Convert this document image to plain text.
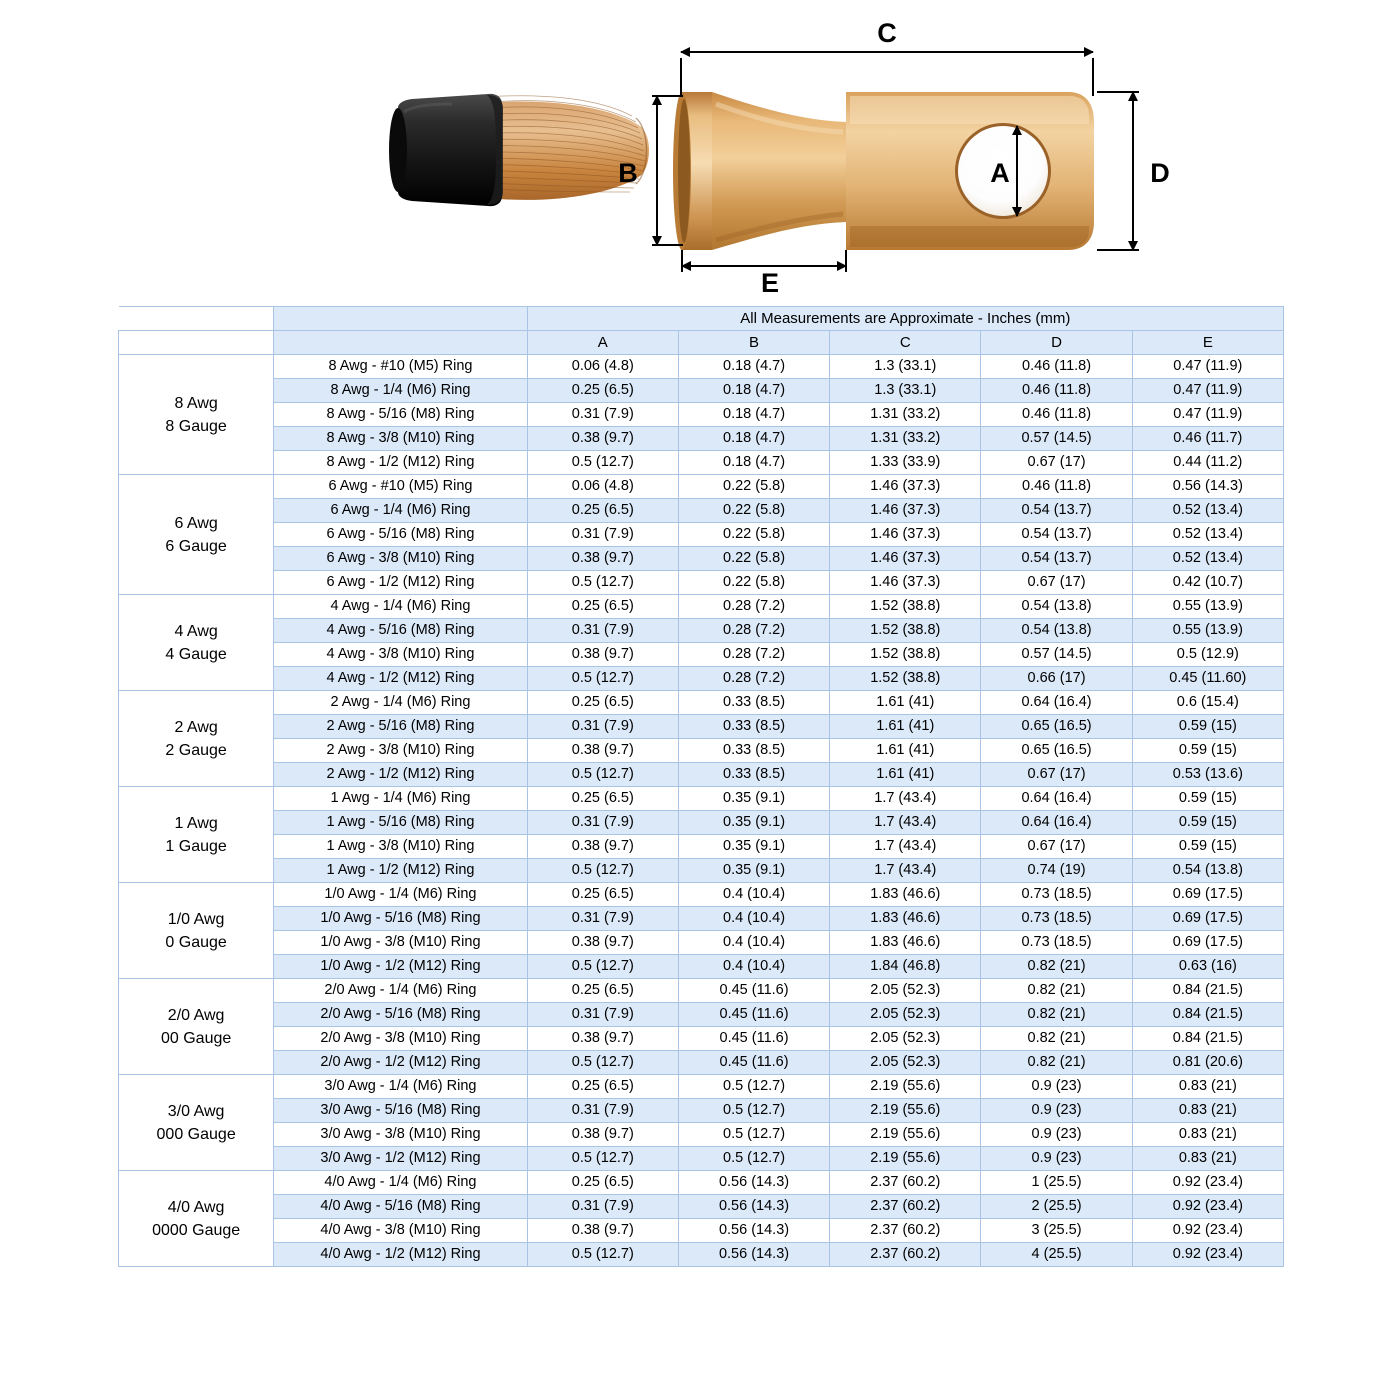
C
B	D
A
E
		All Measurements are Approximate - Inches (mm)				
		A	B	C	D	E
8 Awg
8 Gauge	8 Awg - #10 (M5) Ring	0.06 (4.8)	0.18 (4.7)	1.3 (33.1)	0.46 (11.8)	0.47 (11.9)
	8 Awg - 1/4 (M6) Ring	0.25 (6.5)	0.18 (4.7)	1.3 (33.1)	0.46 (11.8)	0.47 (11.9)
	8 Awg - 5/16 (M8) Ring	0.31 (7.9)	0.18 (4.7)	1.31 (33.2)	0.46 (11.8)	0.47 (11.9)
	8 Awg - 3/8 (M10) Ring	0.38 (9.7)	0.18 (4.7)	1.31 (33.2)	0.57 (14.5)	0.46 (11.7)
	8 Awg - 1/2 (M12) Ring	0.5 (12.7)	0.18 (4.7)	1.33 (33.9)	0.67 (17)	0.44 (11.2)
6 Awg
6 Gauge	6 Awg - #10 (M5) Ring	0.06 (4.8)	0.22 (5.8)	1.46 (37.3)	0.46 (11.8)	0.56 (14.3)
	6 Awg - 1/4 (M6) Ring	0.25 (6.5)	0.22 (5.8)	1.46 (37.3)	0.54 (13.7)	0.52 (13.4)
	6 Awg - 5/16 (M8) Ring	0.31 (7.9)	0.22 (5.8)	1.46 (37.3)	0.54 (13.7)	0.52 (13.4)
	6 Awg - 3/8 (M10) Ring	0.38 (9.7)	0.22 (5.8)	1.46 (37.3)	0.54 (13.7)	0.52 (13.4)
	6 Awg - 1/2 (M12) Ring	0.5 (12.7)	0.22 (5.8)	1.46 (37.3)	0.67 (17)	0.42 (10.7)
4 Awg
4 Gauge	4 Awg - 1/4 (M6) Ring	0.25 (6.5)	0.28 (7.2)	1.52 (38.8)	0.54 (13.8)	0.55 (13.9)
	4 Awg - 5/16 (M8) Ring	0.31 (7.9)	0.28 (7.2)	1.52 (38.8)	0.54 (13.8)	0.55 (13.9)
	4 Awg - 3/8 (M10) Ring	0.38 (9.7)	0.28 (7.2)	1.52 (38.8)	0.57 (14.5)	0.5 (12.9)
	4 Awg - 1/2 (M12) Ring	0.5 (12.7)	0.28 (7.2)	1.52 (38.8)	0.66 (17)	0.45 (11.60)
2 Awg
2 Gauge	2 Awg - 1/4 (M6) Ring	0.25 (6.5)	0.33 (8.5)	1.61 (41)	0.64 (16.4)	0.6 (15.4)
	2 Awg - 5/16 (M8) Ring	0.31 (7.9)	0.33 (8.5)	1.61 (41)	0.65 (16.5)	0.59 (15)
	2 Awg - 3/8 (M10) Ring	0.38 (9.7)	0.33 (8.5)	1.61 (41)	0.65 (16.5)	0.59 (15)
	2 Awg - 1/2 (M12) Ring	0.5 (12.7)	0.33 (8.5)	1.61 (41)	0.67 (17)	0.53 (13.6)
1 Awg
1 Gauge	1 Awg - 1/4 (M6) Ring	0.25 (6.5)	0.35 (9.1)	1.7 (43.4)	0.64 (16.4)	0.59 (15)
	1 Awg - 5/16 (M8) Ring	0.31 (7.9)	0.35 (9.1)	1.7 (43.4)	0.64 (16.4)	0.59 (15)
	1 Awg - 3/8 (M10) Ring	0.38 (9.7)	0.35 (9.1)	1.7 (43.4)	0.67 (17)	0.59 (15)
	1 Awg - 1/2 (M12) Ring	0.5 (12.7)	0.35 (9.1)	1.7 (43.4)	0.74 (19)	0.54 (13.8)
1/0 Awg
0 Gauge	1/0 Awg - 1/4 (M6) Ring	0.25 (6.5)	0.4 (10.4)	1.83 (46.6)	0.73 (18.5)	0.69 (17.5)
	1/0 Awg - 5/16 (M8) Ring	0.31 (7.9)	0.4 (10.4)	1.83 (46.6)	0.73 (18.5)	0.69 (17.5)
	1/0 Awg - 3/8 (M10) Ring	0.38 (9.7)	0.4 (10.4)	1.83 (46.6)	0.73 (18.5)	0.69 (17.5)
	1/0 Awg - 1/2 (M12) Ring	0.5 (12.7)	0.4 (10.4)	1.84 (46.8)	0.82 (21)	0.63 (16)
2/0 Awg
00 Gauge	2/0 Awg - 1/4 (M6) Ring	0.25 (6.5)	0.45 (11.6)	2.05 (52.3)	0.82 (21)	0.84 (21.5)
	2/0 Awg - 5/16 (M8) Ring	0.31 (7.9)	0.45 (11.6)	2.05 (52.3)	0.82 (21)	0.84 (21.5)
	2/0 Awg - 3/8 (M10) Ring	0.38 (9.7)	0.45 (11.6)	2.05 (52.3)	0.82 (21)	0.84 (21.5)
	2/0 Awg - 1/2 (M12) Ring	0.5 (12.7)	0.45 (11.6)	2.05 (52.3)	0.82 (21)	0.81 (20.6)
3/0 Awg
000 Gauge	3/0 Awg - 1/4 (M6) Ring	0.25 (6.5)	0.5 (12.7)	2.19 (55.6)	0.9 (23)	0.83 (21)
	3/0 Awg - 5/16 (M8) Ring	0.31 (7.9)	0.5 (12.7)	2.19 (55.6)	0.9 (23)	0.83 (21)
	3/0 Awg - 3/8 (M10) Ring	0.38 (9.7)	0.5 (12.7)	2.19 (55.6)	0.9 (23)	0.83 (21)
	3/0 Awg - 1/2 (M12) Ring	0.5 (12.7)	0.5 (12.7)	2.19 (55.6)	0.9 (23)	0.83 (21)
4/0 Awg
0000 Gauge	4/0 Awg - 1/4 (M6) Ring	0.25 (6.5)	0.56 (14.3)	2.37 (60.2)	1 (25.5)	0.92 (23.4)
	4/0 Awg - 5/16 (M8) Ring	0.31 (7.9)	0.56 (14.3)	2.37 (60.2)	2 (25.5)	0.92 (23.4)
	4/0 Awg - 3/8 (M10) Ring	0.38 (9.7)	0.56 (14.3)	2.37 (60.2)	3 (25.5)	0.92 (23.4)
	4/0 Awg - 1/2 (M12) Ring	0.5 (12.7)	0.56 (14.3)	2.37 (60.2)	4 (25.5)	0.92 (23.4)
